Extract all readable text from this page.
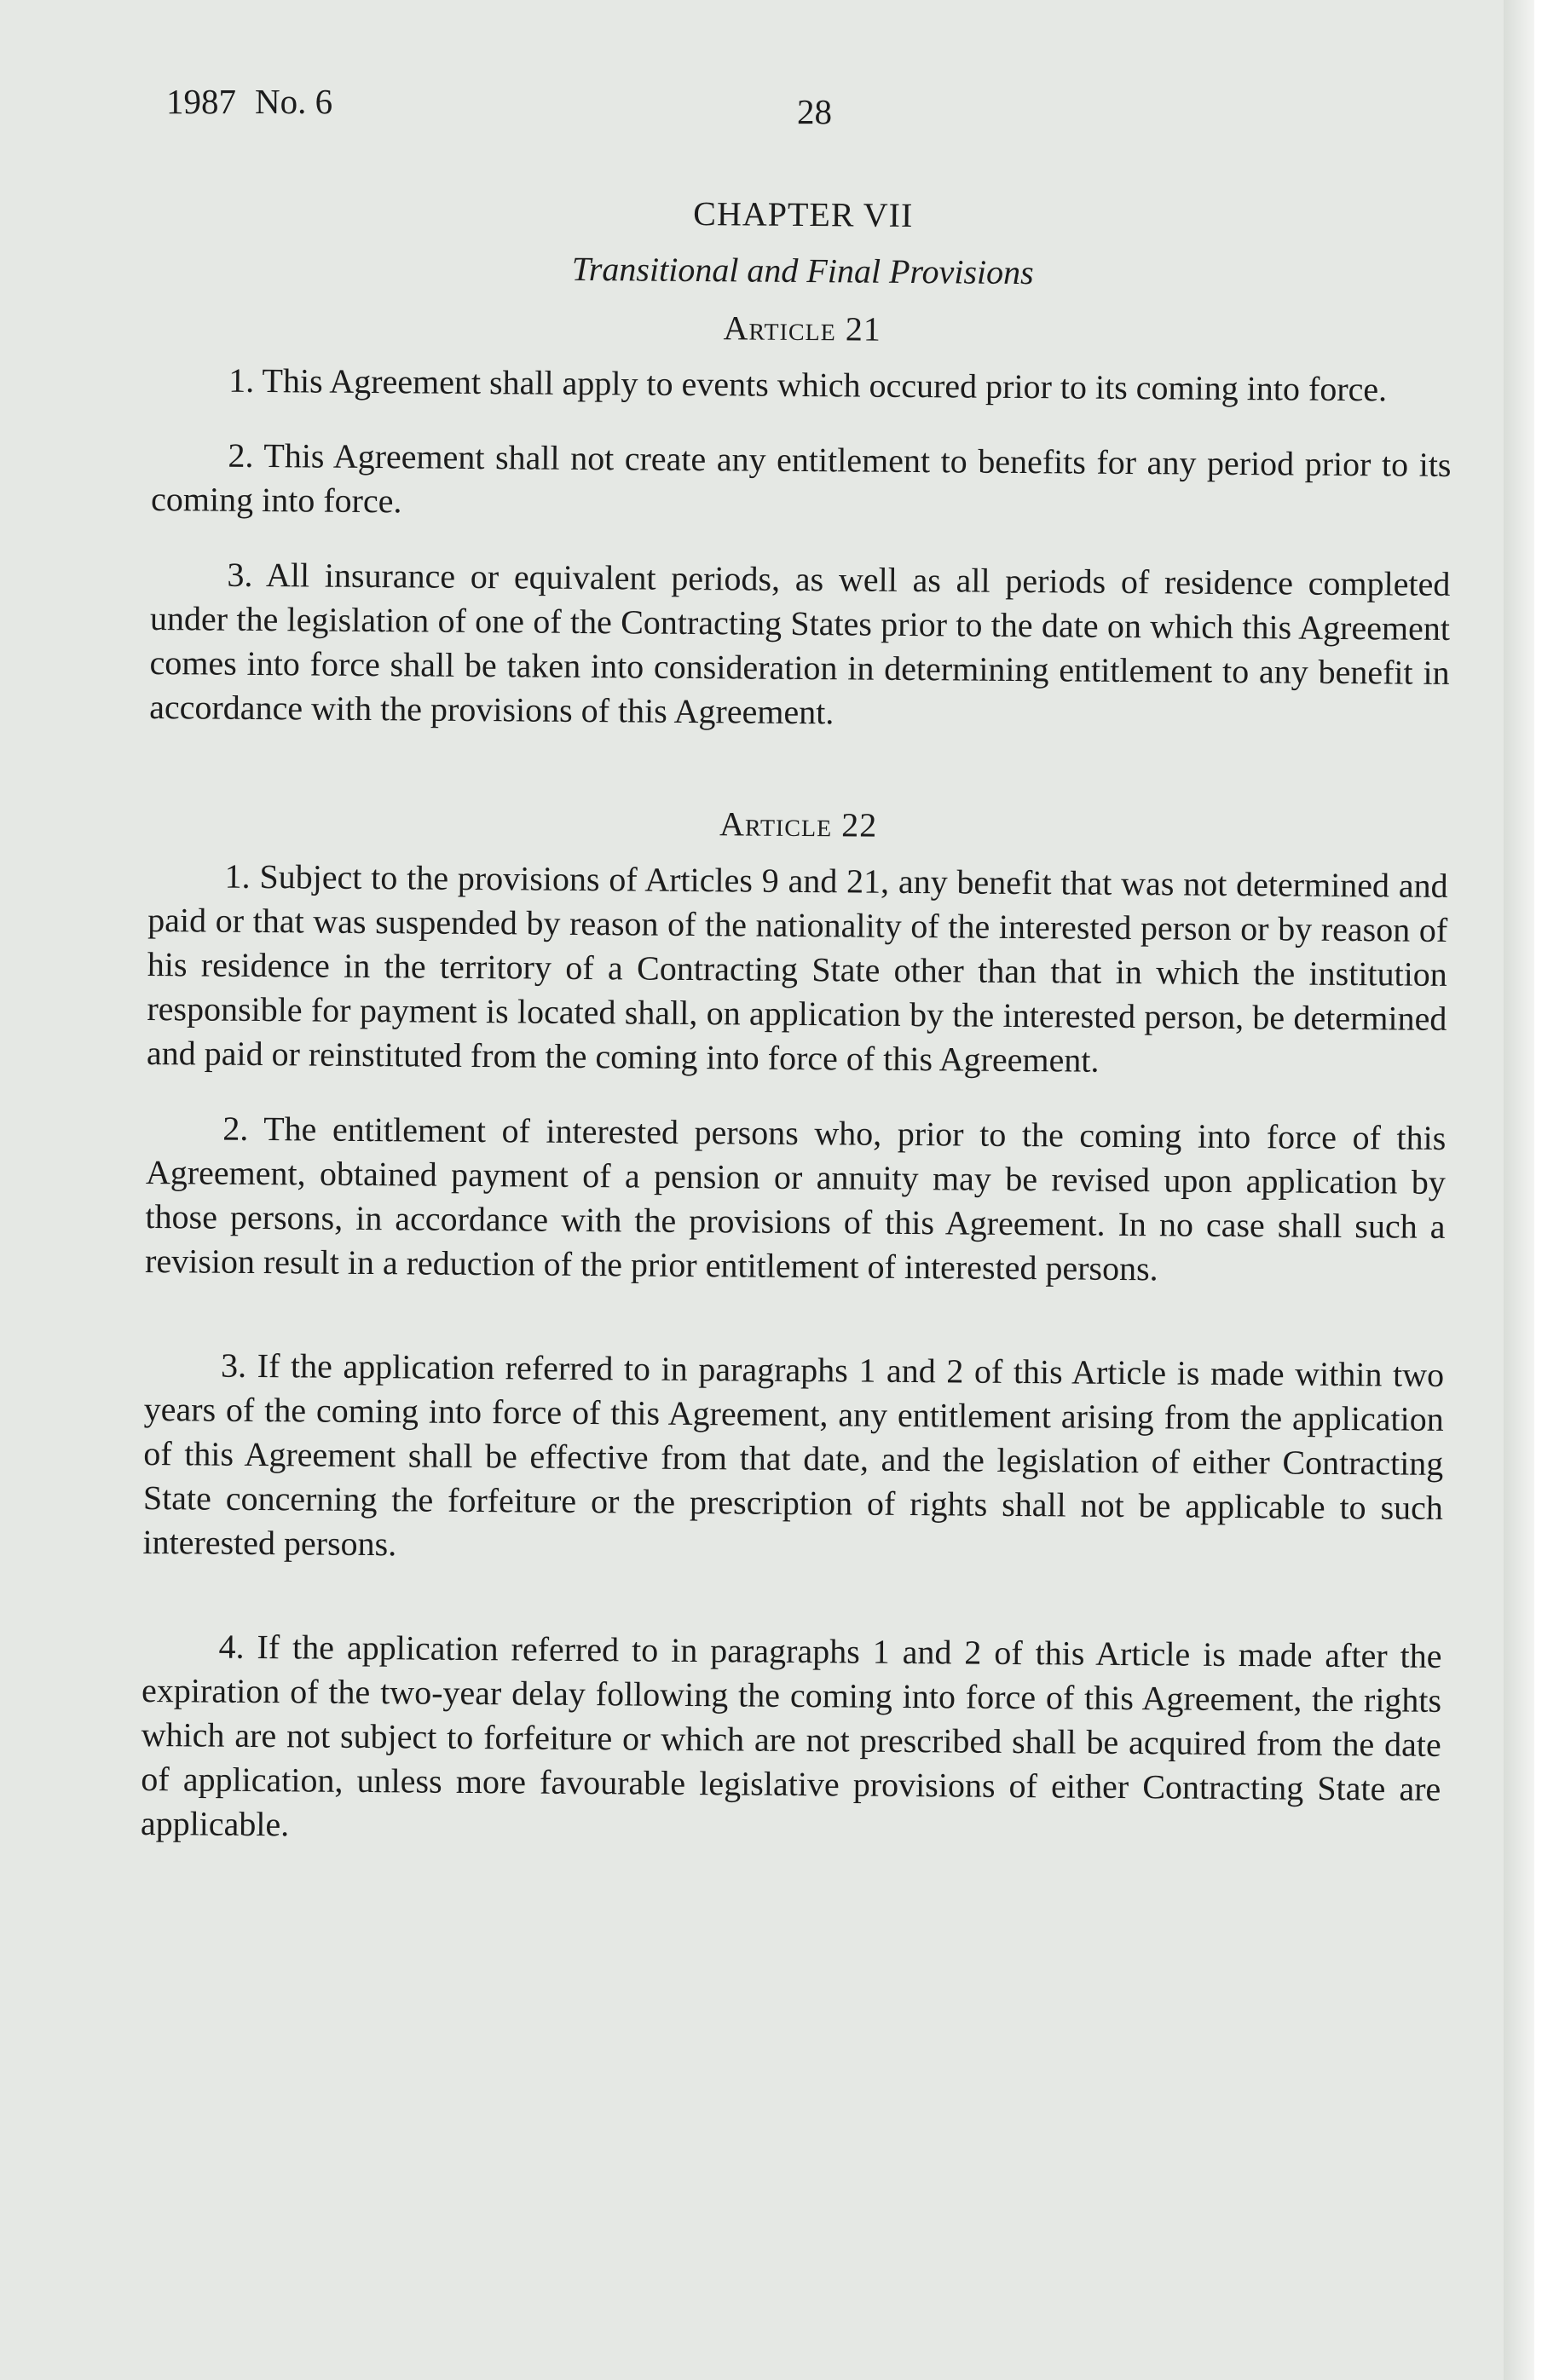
1987 No. 6	28
CHAPTER VII
Transitional and Final Provisions
Article 21

1. This Agreement shall apply to events which occured prior to its coming into force.

2. This Agreement shall not create any entitlement to benefits for any period prior to its coming into force.

3. All insurance or equivalent periods, as well as all periods of residence completed under the legislation of one of the Contracting States prior to the date on which this Agreement comes into force shall be taken into consideration in determining entitlement to any benefit in accordance with the provisions of this Agreement.

Article 22

1. Subject to the provisions of Articles 9 and 21, any benefit that was not determined and paid or that was suspended by reason of the nationality of the interested person or by reason of his residence in the territory of a Contracting State other than that in which the institution responsible for payment is located shall, on application by the interested person, be determined and paid or reinstituted from the coming into force of this Agreement.

2. The entitlement of interested persons who, prior to the coming into force of this Agreement, obtained payment of a pension or annuity may be revised upon application by those persons, in accordance with the provisions of this Agreement. In no case shall such a revision result in a reduction of the prior entitlement of interested persons.

3. If the application referred to in paragraphs 1 and 2 of this Article is made within two years of the coming into force of this Agreement, any entitlement arising from the application of this Agreement shall be effective from that date, and the legislation of either Contracting State concerning the forfeiture or the prescription of rights shall not be applicable to such interested persons.

4. If the application referred to in paragraphs 1 and 2 of this Article is made after the expiration of the two-year delay following the coming into force of this Agreement, the rights which are not subject to forfeiture or which are not prescribed shall be acquired from the date of application, unless more favourable legislative provisions of either Contracting State are applicable.
